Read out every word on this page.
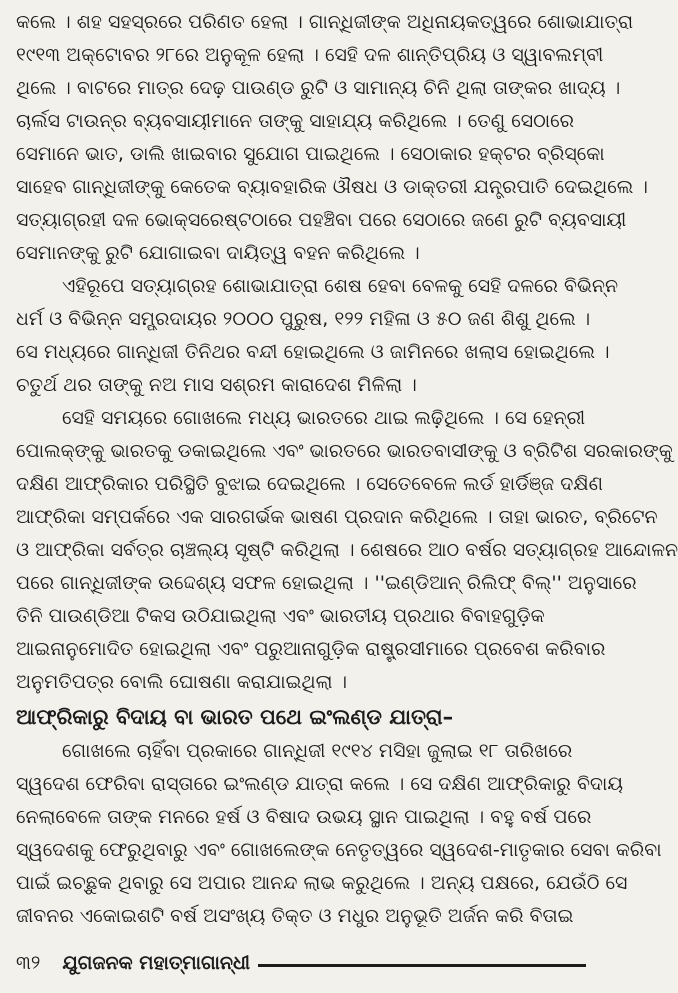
କଲେ । ଶହ ସହସ୍ରରେ ପରିଣତ ହେଲା । ଗାନ୍ଧିଜୀଙ୍କ ଅଧିନାୟକତ୍ୱରେ ଶୋଭାଯାତ୍ରା
୧୯୧୩ ଅକ୍ଟୋବର ୨୮ରେ ଅନୁକୂଳ ହେଲା । ସେହି ଦଳ ଶାନ୍ତିପ୍ରିୟ ଓ ସ୍ୱାବଲମ୍ବୀ
ଥିଲେ । ବାଟରେ ମାତ୍ର ଦେଢ଼ ପାଉଣ୍ଡ ରୁଟି ଓ ସାମାନ୍ୟ ଚିନି ଥିଲା ତାଙ୍କର ଖାଦ୍ୟ ।
ଚାର୍ଲସ ଟାଉନ୍‌ର ବ୍ୟବସାୟୀମାନେ ତାଙ୍କୁ ସାହାଯ୍ୟ କରିଥିଲେ । ତେଣୁ ସେଠାରେ
ସେମାନେ ଭାତ, ଡାଲି ଖାଇବାର ସୁଯୋଗ ପାଇଥିଲେ । ସେଠାକାର ହକ୍‌ଟର ବ୍ରିସ୍କୋ
ସାହେବ ଗାନ୍ଧିଜୀଙ୍କୁ କେତେକ ବ୍ୟାବହାରିକ ଔଷଧ ଓ ଡାକ୍ତରୀ ଯନ୍ତ୍ରପାତି ଦେଇଥିଲେ ।
ସତ୍ୟାଗ୍ରହୀ ଦଳ ଭୋକ୍‌ସରେଷ୍ଟଠାରେ ପହଞ୍ଚିବା ପରେ ସେଠାରେ ଜଣେ ରୁଟି ବ୍ୟବସାୟୀ
ସେମାନଙ୍କୁ ରୁଟି ଯୋଗାଇବା ଦାୟିତ୍ୱ ବହନ କରିଥିଲେ ।

ଏହିରୂପେ ସତ୍ୟାଗ୍ରହ ଶୋଭାଯାତ୍ରା ଶେଷ ହେବା ବେଳକୁ ସେହି ଦଳରେ ବିଭିନ୍ନ
ଧର୍ମ ଓ ବିଭିନ୍ନ ସମ୍ପ୍ରଦାୟର ୨୦୦୦ ପୁରୁଷ, ୧୨୨ ମହିଳା ଓ ୫୦ ଜଣ ଶିଶୁ ଥିଲେ ।
ସେ ମଧ୍ୟରେ ଗାନ୍ଧିଜୀ ତିନିଥର ବନ୍ଦୀ ହୋଇଥିଲେ ଓ ଜାମିନରେ ଖଲାସ ହୋଇଥିଲେ ।
ଚତୁର୍ଥ ଥର ତାଙ୍କୁ ନଅ ମାସ ସଶ୍ରମ କାରାଦେଶ ମିଳିଲା ।

ସେହି ସମୟରେ ଗୋଖଲେ ମଧ୍ୟ ଭାରତରେ ଥାଇ ଲଢ଼ିଥିଲେ । ସେ ହେନ୍‌ରୀ
ପୋଲକ୍‌ଙ୍କୁ ଭାରତକୁ ଡକାଇଥିଲେ ଏବଂ ଭାରତରେ ଭାରତବାସୀଙ୍କୁ ଓ ବ୍ରିଟିଶ ସରକାରଙ୍କୁ
ଦକ୍ଷିଣ ଆଫ୍ରିକାର ପରିସ୍ଥିତି ବୁଝାଇ ଦେଇଥିଲେ । ସେତେବେଳେ ଲର୍ଡ ହାର୍ଡିଞ୍ଜ ଦକ୍ଷିଣ
ଆଫ୍ରିକା ସମ୍ପର୍କରେ ଏକ ସାରଗର୍ଭକ ଭାଷଣ ପ୍ରଦାନ କରିଥିଲେ । ତାହା ଭାରତ, ବ୍ରିଟେନ
ଓ ଆଫ୍ରିକା ସର୍ବତ୍ର ଚାଞ୍ଚଲ୍ୟ ସୃଷ୍ଟି କରିଥିଲା । ଶେଷରେ ଆଠ ବର୍ଷର ସତ୍ୟାଗ୍ରହ ଆନ୍ଦୋଳନ
ପରେ ଗାନ୍ଧିଜୀଙ୍କ ଉଦ୍ଦେଶ୍ୟ ସଫଳ ହୋଇଥିଲା । ''ଇଣ୍ଡିଆନ୍ ରିଲିଫ୍ ବିଲ୍'' ଅନୁସାରେ
ତିନି ପାଉଣ୍ଡିଆ ଟିକସ ଉଠିଯାଇଥିଲା ଏବଂ ଭାରତୀୟ ପ୍ରଥାର ବିବାହଗୁଡ଼ିକ
ଆଇନାନୁମୋଦିତ ହୋଇଥିଲା ଏବଂ ପରୁଆନାଗୁଡ଼ିକ ରାଷ୍ଟ୍ରସୀମାରେ ପ୍ରବେଶ କରିବାର
ଅନୁମତିପତ୍ର ବୋଲି ଘୋଷଣା କରାଯାଇଥିଲା ।

ଆଫ୍ରିକାରୁ ବିଦାୟ ବା ଭାରତ ପଥେ ଇଂଲଣ୍ଡ ଯାତ୍ରା–

ଗୋଖଲେ ଚାହିଁବା ପ୍ରକାରେ ଗାନ୍ଧିଜୀ ୧୯୧୪ ମସିହା ଜୁଲାଇ ୧୮ ତାରିଖରେ
ସ୍ୱଦେଶ ଫେରିବା ରାସ୍ତାରେ ଇଂଲଣ୍ଡ ଯାତ୍ରା କଲେ । ସେ ଦକ୍ଷିଣ ଆଫ୍ରିକାରୁ ବିଦାୟ
ନେଲାବେଳେ ତାଙ୍କ ମନରେ ହର୍ଷ ଓ ବିଷାଦ ଉଭୟ ସ୍ଥାନ ପାଇଥିଲା । ବହୁ ବର୍ଷ ପରେ
ସ୍ୱଦେଶକୁ ଫେରୁଥିବାରୁ ଏବଂ ଗୋଖଲେଙ୍କ ନେତୃତ୍ୱରେ ସ୍ୱଦେଶ-ମାତୃକାର ସେବା କରିବା
ପାଇଁ ଇଚ୍ଛୁକ ଥିବାରୁ ସେ ଅପାର ଆନନ୍ଦ ଲାଭ କରୁଥିଲେ । ଅନ୍ୟ ପକ୍ଷରେ, ଯେଉଁଠି ସେ
ଜୀବନର ଏକୋଇଶଟି ବର୍ଷ ଅସଂଖ୍ୟ ତିକ୍ତ ଓ ମଧୁର ଅନୁଭୂତି ଅର୍ଜନ କରି ବିତାଇ

୩୨ ଯୁଗଜନକ ମହାତ୍ମାଗାନ୍ଧୀ
